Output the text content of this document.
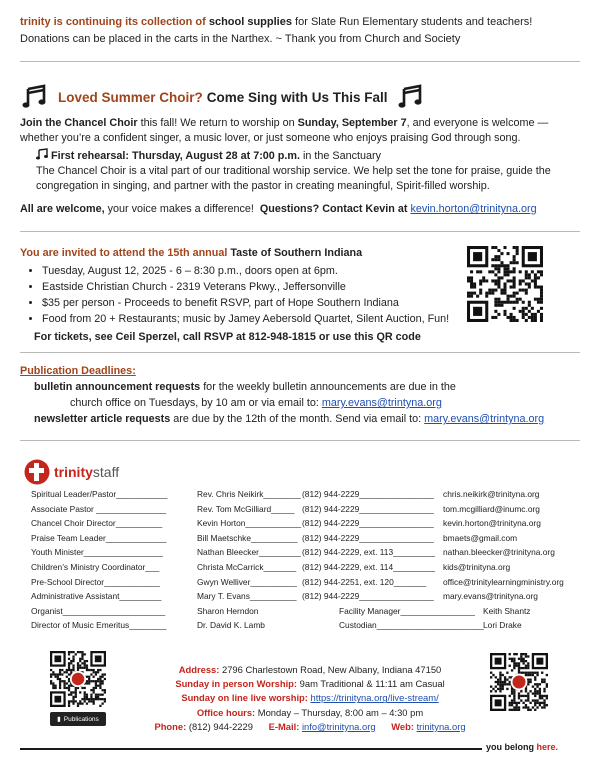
trinity is continuing its collection of school supplies for Slate Run Elementary students and teachers!
Donations can be placed in the carts in the Narthex. ~ Thank you from Church and Society
Loved Summer Choir? Come Sing with Us This Fall

Join the Chancel Choir this fall! We return to worship on Sunday, September 7, and everyone is welcome — whether you’re a confident singer, a music lover, or just someone who enjoys praising God through song.

First rehearsal: Thursday, August 28 at 7:00 p.m. in the Sanctuary
The Chancel Choir is a vital part of our traditional worship service. We help set the tone for praise, guide the congregation in singing, and partner with the pastor in creating meaningful, Spirit-filled worship.

All are welcome, your voice makes a difference! Questions? Contact Kevin at kevin.horton@trinityna.org

You are invited to attend the 15th annual Taste of Southern Indiana
• Tuesday, August 12, 2025 - 6 – 8:30 p.m., doors open at 6pm.
• Eastside Christian Church - 2319 Veterans Pkwy., Jeffersonville
• $35 per person - Proceeds to benefit RSVP, part of Hope Southern Indiana
• Food from 20 + Restaurants; music by Jamey Aebersold Quartet, Silent Auction, Fun!
For tickets, see Ceil Sperzel, call RSVP at 812-948-1815 or use this QR code
Publication Deadlines:
bulletin announcement requests for the weekly bulletin announcements are due in the
church office on Tuesdays, by 10 am or via email to: mary.evans@trintyna.org
newsletter article requests are due by the 12th of the month. Send via email to: mary.evans@trintyna.org
trinity staff
Spiritual Leader/Pastor___________	Rev. Chris Neikirk________ (812) 944-2229________________ chris.neikirk@trinityna.org
Associate Pastor _______________	Rev. Tom McGilliard_____ (812) 944-2229________________ tom.mcgilliard@inumc.org
Chancel Choir Director__________	Kevin Horton____________ (812) 944-2229________________ kevin.horton@trinityna.org
Praise Team Leader_____________	Bill Maetschke__________ (812) 944-2229________________ bmaets@gmail.com
Youth Minister_________________	Nathan Bleecker_________ (812) 944-2229, ext. 113_________ nathan.bleecker@trinityna.org
Children’s Ministry Coordinator___	Christa McCarrick_______ (812) 944-2229, ext. 114_________ kids@trinityna.org
Pre-School Director____________	Gwyn Welliver__________ (812) 944-2251, ext. 120_______ office@trinitylearningministry.org
Administrative Assistant_________	Mary T. Evans__________ (812) 944-2229________________ mary.evans@trinityna.org
Organist______________________	Sharon Herndon	Facility Manager________________ Keith Shantz
Director of Music Emeritus________	Dr. David K. Lamb	Custodian_______________________ Lori Drake
▮ Publications
Address: 2796 Charlestown Road, New Albany, Indiana 47150
Sunday in person Worship: 9am Traditional & 11:11 am Casual
Sunday on line live worship: https://trinityna.org/live-stream/
Office hours: Monday – Thursday, 8:00 am – 4:30 pm
Phone: (812) 944-2229 E-Mail: info@trinityna.org Web: trinityna.org
you belong here.
